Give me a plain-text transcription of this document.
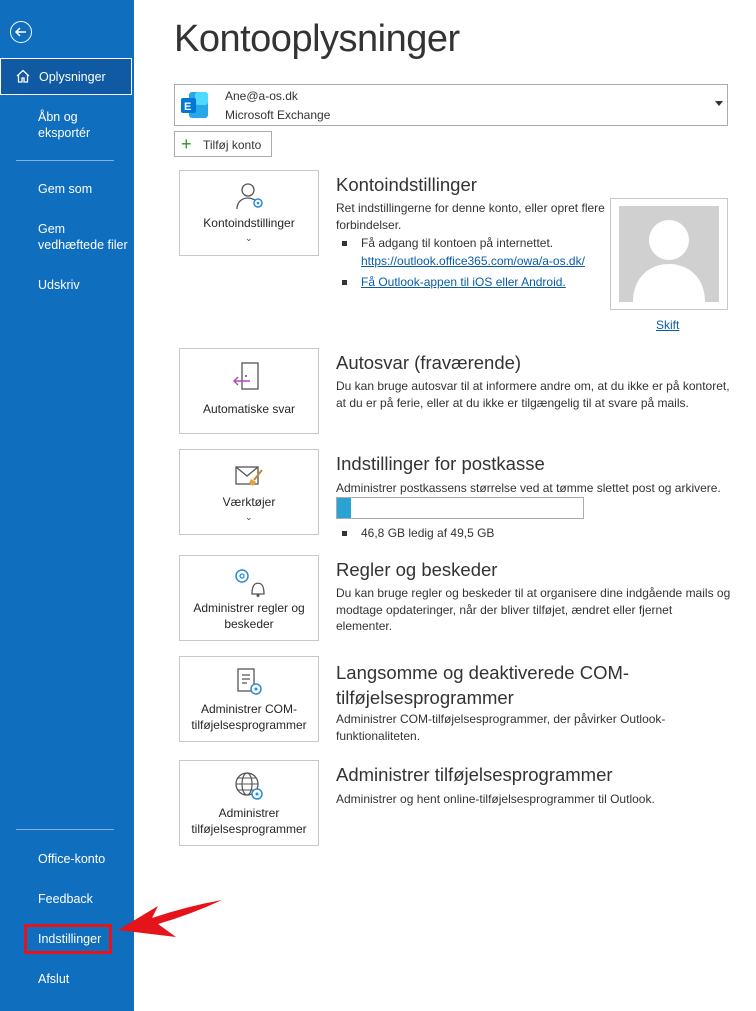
Oplysninger
Åbn og
eksportér
Gem som
Gem
vedhæftede filer
Udskriv
Office-konto
Feedback
Indstillinger
Afslut
Kontooplysninger
E
Ane@a-os.dk
Microsoft Exchange
+ Tilføj konto
Kontoindstillinger
⌄
Kontoindstillinger
Ret indstillingerne for denne konto, eller opret flere
forbindelser.
Få adgang til kontoen på internettet.
https://outlook.office365.com/owa/a-os.dk/
Få Outlook-appen til iOS eller Android.
Skift
Automatiske svar
Autosvar (fraværende)
Du kan bruge autosvar til at informere andre om, at du ikke er på kontoret,
at du er på ferie, eller at du ikke er tilgængelig til at svare på mails.
Værktøjer
⌄
Indstillinger for postkasse
Administrer postkassens størrelse ved at tømme slettet post og arkivere.
46,8 GB ledig af 49,5 GB
Administrer regler og
beskeder
Regler og beskeder
Du kan bruge regler og beskeder til at organisere dine indgående mails og
modtage opdateringer, når der bliver tilføjet, ændret eller fjernet
elementer.
Administrer COM-
tilføjelsesprogrammer
Langsomme og deaktiverede COM-
tilføjelsesprogrammer
Administrer COM-tilføjelsesprogrammer, der påvirker Outlook-
funktionaliteten.
Administrer
tilføjelsesprogrammer
Administrer tilføjelsesprogrammer
Administrer og hent online-tilføjelsesprogrammer til Outlook.
